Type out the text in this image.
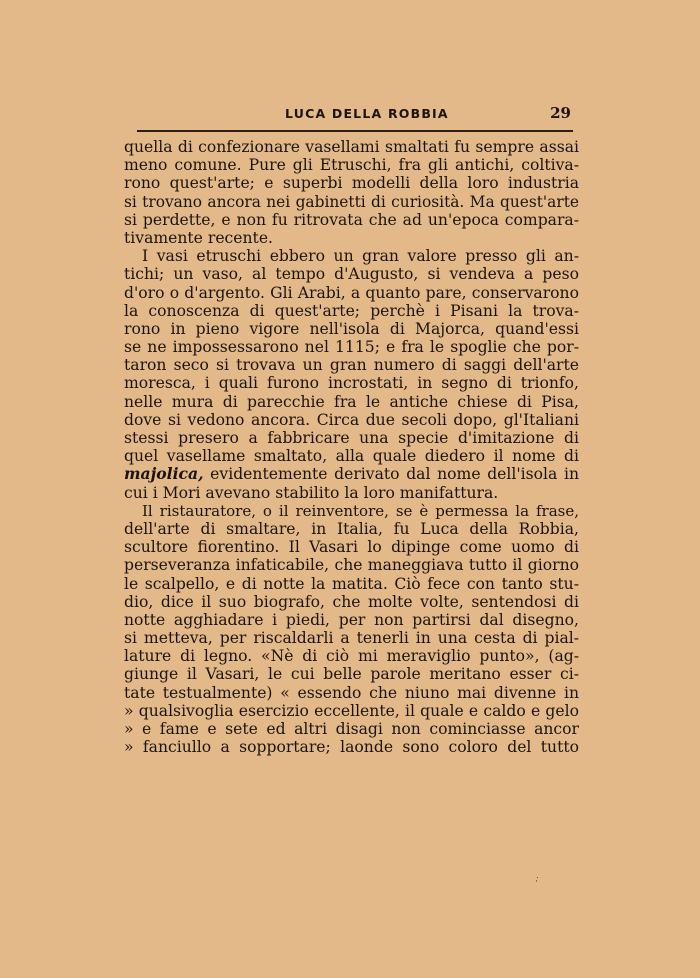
LUCA DELLA ROBBIA	29
quella di confezionare vasellami smaltati fu sempre assai
meno comune. Pure gli Etruschi, fra gli antichi, coltiva-
rono quest'arte; e superbi modelli della loro industria
si trovano ancora nei gabinetti di curiosità. Ma quest'arte
si perdette, e non fu ritrovata che ad un'epoca compara-
tivamente recente.
I vasi etruschi ebbero un gran valore presso gli an-
tichi; un vaso, al tempo d'Augusto, si vendeva a peso
d'oro o d'argento. Gli Arabi, a quanto pare, conservarono
la conoscenza di quest'arte; perchè i Pisani la trova-
rono in pieno vigore nell'isola di Majorca, quand'essi
se ne impossessarono nel 1115; e fra le spoglie che por-
taron seco si trovava un gran numero di saggi dell'arte
moresca, i quali furono incrostati, in segno di trionfo,
nelle mura di parecchie fra le antiche chiese di Pisa,
dove si vedono ancora. Circa due secoli dopo, gl'Italiani
stessi presero a fabbricare una specie d'imitazione di
quel vasellame smaltato, alla quale diedero il nome di
majolica, evidentemente derivato dal nome dell'isola in
cui i Mori avevano stabilito la loro manifattura.
Il ristauratore, o il reinventore, se è permessa la frase,
dell'arte di smaltare, in Italia, fu Luca della Robbia,
scultore fiorentino. Il Vasari lo dipinge come uomo di
perseveranza infaticabile, che maneggiava tutto il giorno
le scalpello, e di notte la matita. Ciò fece con tanto stu-
dio, dice il suo biografo, che molte volte, sentendosi di
notte agghiadare i piedi, per non partirsi dal disegno,
si metteva, per riscaldarli a tenerli in una cesta di pial-
lature di legno. «Nè di ciò mi meraviglio punto», (ag-
giunge il Vasari, le cui belle parole meritano esser ci-
tate testualmente) « essendo che niuno mai divenne in
» qualsivoglia esercizio eccellente, il quale e caldo e gelo
» e fame e sete ed altri disagi non cominciasse ancor
» fanciullo a sopportare; laonde sono coloro del tutto
·͘
